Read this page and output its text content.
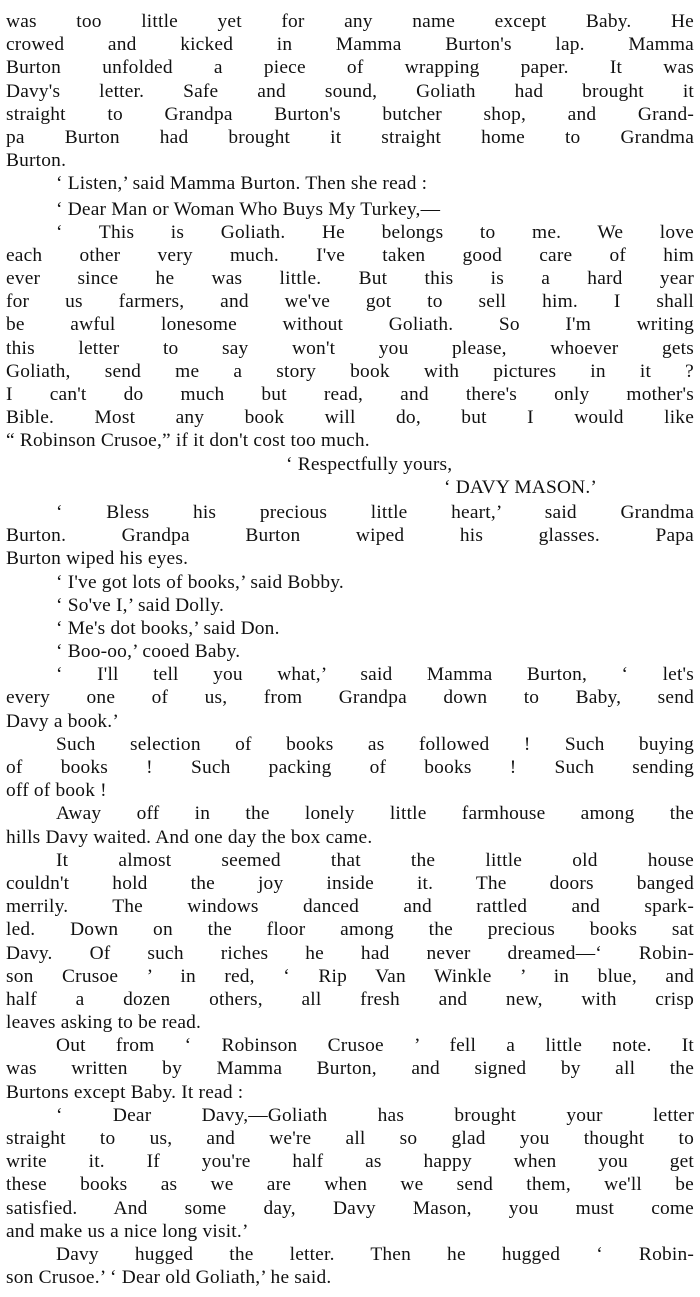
was too little yet for any name except Baby. He
crowed and kicked in Mamma Burton's lap. Mamma
Burton unfolded a piece of wrapping paper. It was
Davy's letter. Safe and sound, Goliath had brought it
straight to Grandpa Burton's butcher shop, and Grand-
pa Burton had brought it straight home to Grandma
Burton.
‘ Listen,’ said Mamma Burton. Then she read :
‘ Dear Man or Woman Who Buys My Turkey,—
‘ This is Goliath. He belongs to me. We love
each other very much. I've taken good care of him
ever since he was little. But this is a hard year
for us farmers, and we've got to sell him. I shall
be awful lonesome without Goliath. So I'm writing
this letter to say won't you please, whoever gets
Goliath, send me a story book with pictures in it ?
I can't do much but read, and there's only mother's
Bible. Most any book will do, but I would like
“ Robinson Crusoe,” if it don't cost too much.
‘ Respectfully yours,
‘ DAVY MASON.’
‘ Bless his precious little heart,’ said Grandma
Burton. Grandpa Burton wiped his glasses. Papa
Burton wiped his eyes.
‘ I've got lots of books,’ said Bobby.
‘ So've I,’ said Dolly.
‘ Me's dot books,’ said Don.
‘ Boo-oo,’ cooed Baby.
‘ I'll tell you what,’ said Mamma Burton, ‘ let's
every one of us, from Grandpa down to Baby, send
Davy a book.’
Such selection of books as followed ! Such buying
of books ! Such packing of books ! Such sending
off of book !
Away off in the lonely little farmhouse among the
hills Davy waited. And one day the box came.
It almost seemed that the little old house
couldn't hold the joy inside it. The doors banged
merrily. The windows danced and rattled and spark-
led. Down on the floor among the precious books sat
Davy. Of such riches he had never dreamed—‘ Robin-
son Crusoe ’ in red, ‘ Rip Van Winkle ’ in blue, and
half a dozen others, all fresh and new, with crisp
leaves asking to be read.
Out from ‘ Robinson Crusoe ’ fell a little note. It
was written by Mamma Burton, and signed by all the
Burtons except Baby. It read :
‘ Dear Davy,—Goliath has brought your letter
straight to us, and we're all so glad you thought to
write it. If you're half as happy when you get
these books as we are when we send them, we'll be
satisfied. And some day, Davy Mason, you must come
and make us a nice long visit.’
Davy hugged the letter. Then he hugged ‘ Robin-
son Crusoe.’ ‘ Dear old Goliath,’ he said.
